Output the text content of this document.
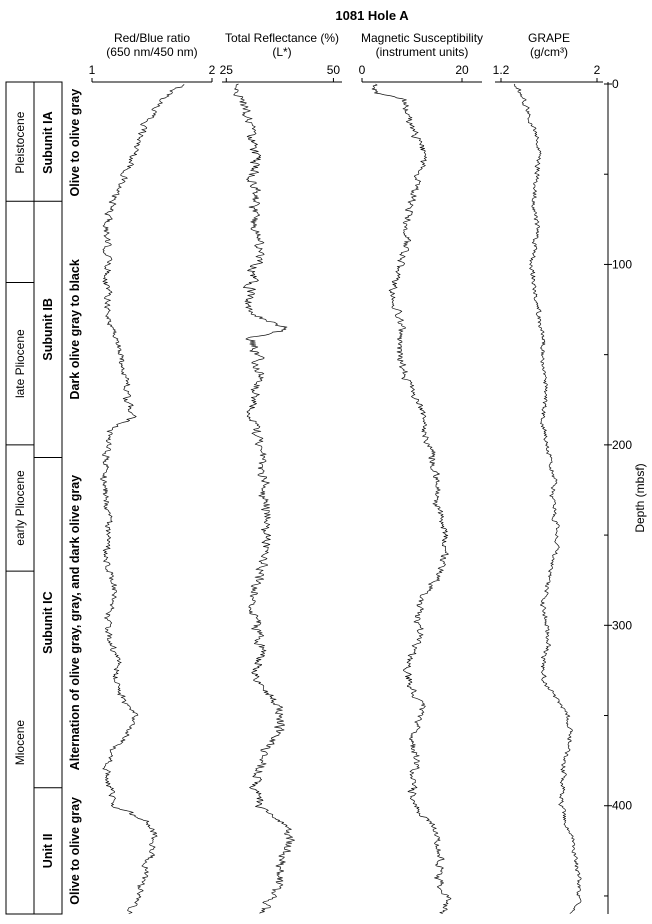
1081 Hole A
Pleistocene
late Pliocene
early Pliocene
Miocene
Subunit IA
Subunit IB
Subunit IC
Unit II
Olive to olive gray
Dark olive gray to black
Alternation of olive gray, gray, and dark olive gray
Olive to olive gray
Red/Blue ratio
(650 nm/450 nm)
1	2
Total Reflectance (%)
(L*)
25	50
Magnetic Susceptibility
(instrument units)
0	20
GRAPE
(g/cm³)
1.2	2
Depth (mbsf)
0
100
200
300
400
